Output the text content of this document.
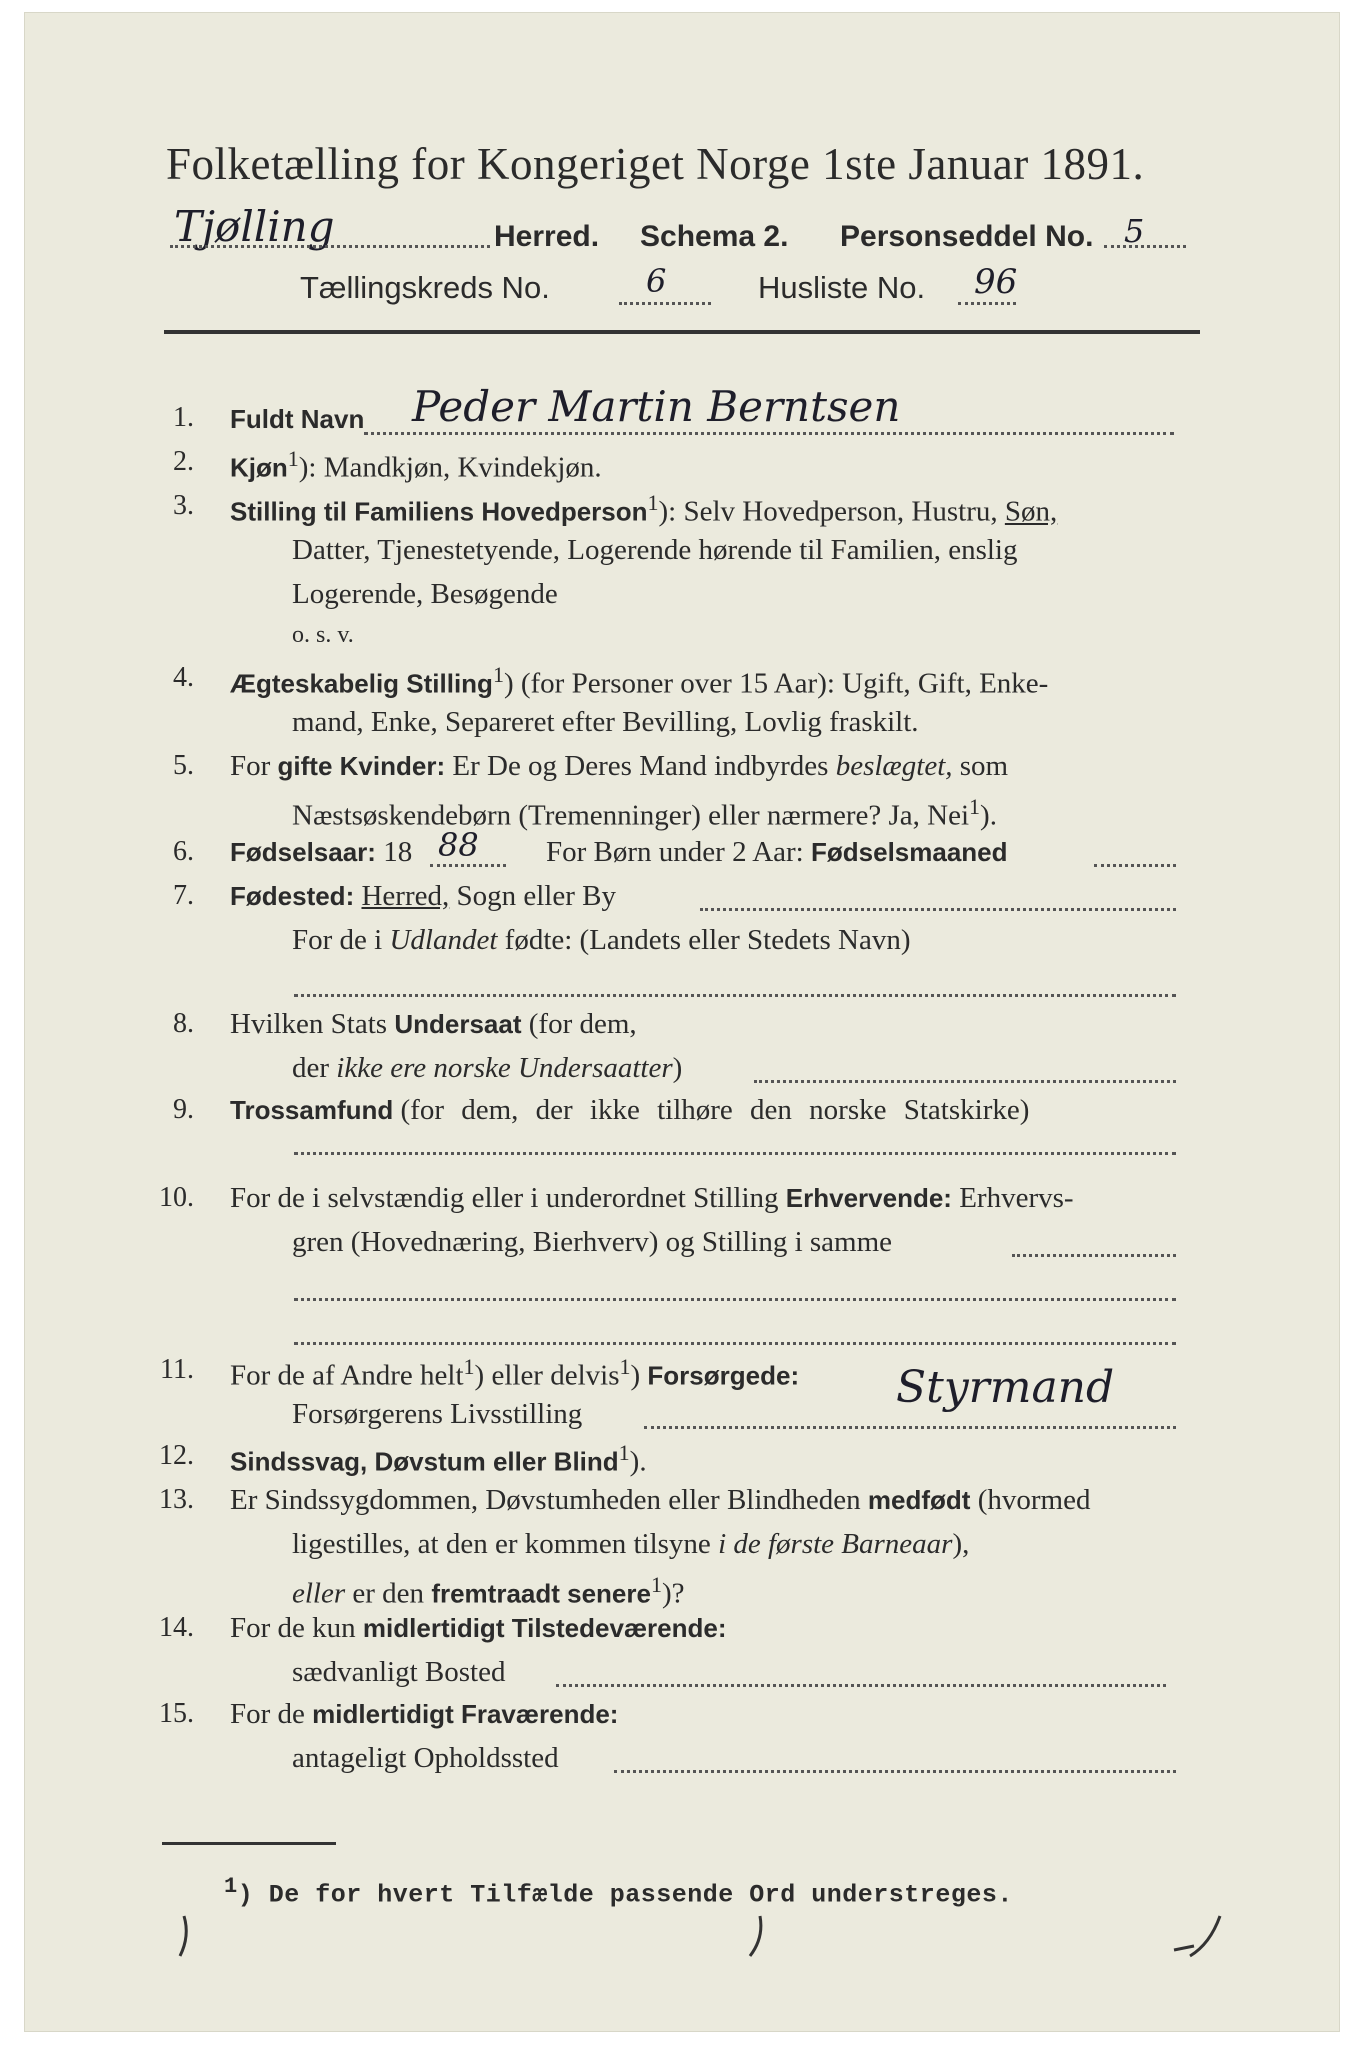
Folketælling for Kongeriget Norge 1ste Januar 1891.
Tjølling	Herred. Schema 2. Personseddel No. 5
Tællingskreds No.	6	Husliste No. 96
1.
2.
3.
4.
5.
6.
7.
8.
9.
10.
11.
12.
13.
14.
15.
Fuldt Navn Peder Martin Berntsen
Kjøn$^1$): Mandkjøn, Kvindekjøn.
Stilling til Familiens Hovedperson$^1$): Selv Hovedperson, Hustru, Søn,
Datter, Tjenestetyende, Logerende hørende til Familien, enslig
Logerende, Besøgende
o. s. v.
Ægteskabelig Stilling$^1$) (for Personer over 15 Aar): Ugift, Gift, Enke-
mand, Enke, Separeret efter Bevilling, Lovlig fraskilt.
For gifte Kvinder: Er De og Deres Mand indbyrdes beslægtet, som
Næstsøskendebørn (Tremenninger) eller nærmere? Ja, Nei$^1$).
Fødselsaar: 18 88 For Børn under 2 Aar: Fødselsmaaned
Fødested: Herred, Sogn eller By
For de i Udlandet fødte: (Landets eller Stedets Navn)
Hvilken Stats Undersaat (for dem,
der ikke ere norske Undersaatter)
Trossamfund (for dem, der ikke tilhøre den norske Statskirke)
For de i selvstændig eller i underordnet Stilling Erhvervende: Erhvervs-
gren (Hovednæring, Bierhverv) og Stilling i samme
For de af Andre helt$^1$) eller delvis$^1$) Forsørgede:
Forsørgerens Livsstilling
Styrmand
Sindssvag, Døvstum eller Blind$^1$).
Er Sindssygdommen, Døvstumheden eller Blindheden medfødt (hvormed
ligestilles, at den er kommen tilsyne i de første Barneaar),
eller er den fremtraadt senere$^1$)?
For de kun midlertidigt Tilstedeværende:
sædvanligt Bosted
For de midlertidigt Fraværende:
antageligt Opholdssted
1) De for hvert Tilfælde passende Ord understreges.
